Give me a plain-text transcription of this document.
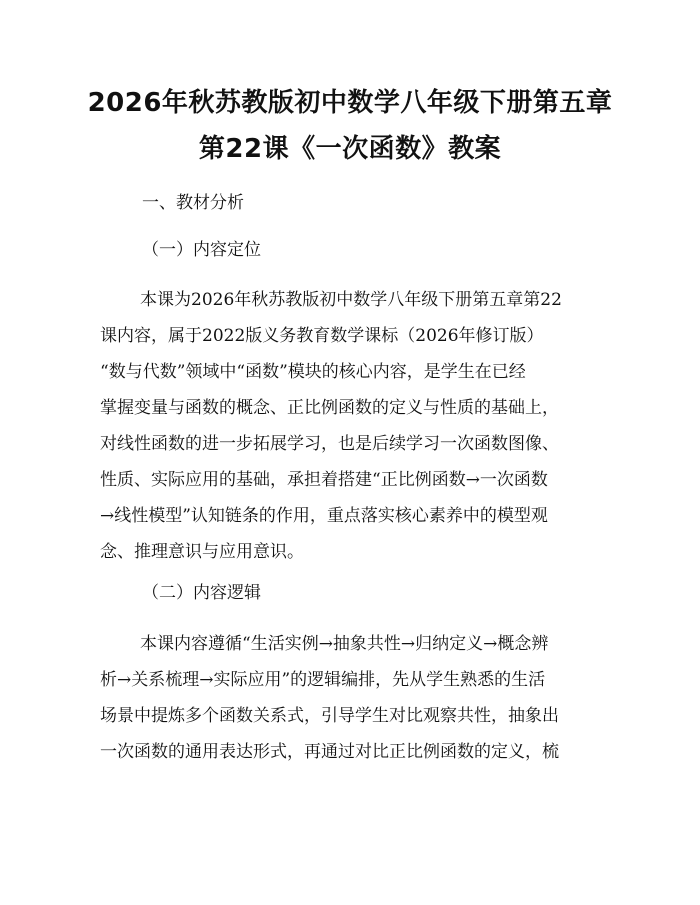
2026年秋苏教版初中数学八年级下册第五章
第22课《一次函数》教案
一、教材分析
（一）内容定位
本课为2026年秋苏教版初中数学八年级下册第五章第22
课内容，属于2022版义务教育数学课标（2026年修订版）
“数与代数”领域中“函数”模块的核心内容，是学生在已经
掌握变量与函数的概念、正比例函数的定义与性质的基础上，
对线性函数的进一步拓展学习，也是后续学习一次函数图像、
性质、实际应用的基础，承担着搭建“正比例函数→一次函数
→线性模型”认知链条的作用，重点落实核心素养中的模型观
念、推理意识与应用意识。
（二）内容逻辑
本课内容遵循“生活实例→抽象共性→归纳定义→概念辨
析→关系梳理→实际应用”的逻辑编排，先从学生熟悉的生活
场景中提炼多个函数关系式，引导学生对比观察共性，抽象出
一次函数的通用表达形式，再通过对比正比例函数的定义，梳
